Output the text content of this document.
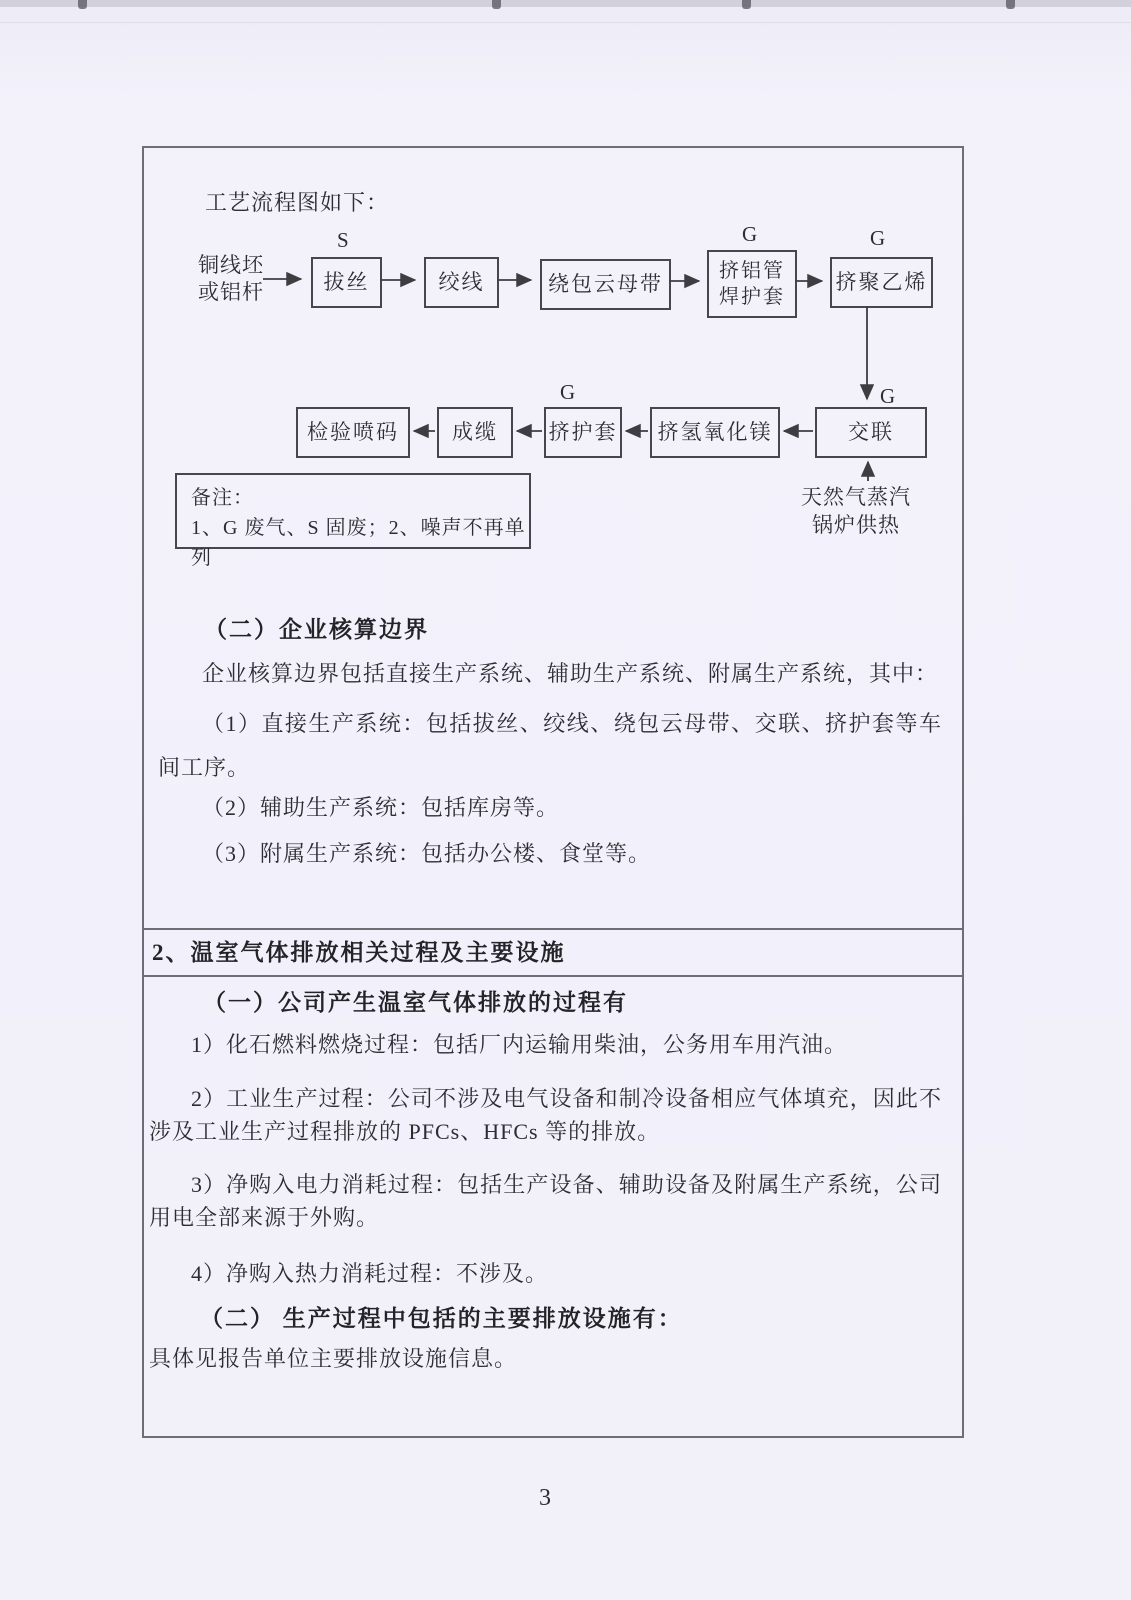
工艺流程图如下：
铜线坯
或铝杆	拔丝	绞线	绕包云母带
挤铝管
焊护套
挤聚乙烯
检验喷码	成缆 挤护套 挤氢氧化镁	交联
S	G	G
G	G
天然气蒸汽
锅炉供热
备注：
1、G 废气、S 固废；2、噪声不再单列
（二）企业核算边界
企业核算边界包括直接生产系统、辅助生产系统、附属生产系统，其中：
（1）直接生产系统：包括拔丝、绞线、绕包云母带、交联、挤护套等车间工序。
（2）辅助生产系统：包括库房等。
（3）附属生产系统：包括办公楼、食堂等。
2、温室气体排放相关过程及主要设施
（一）公司产生温室气体排放的过程有
1）化石燃料燃烧过程：包括厂内运输用柴油，公务用车用汽油。
2）工业生产过程：公司不涉及电气设备和制冷设备相应气体填充，因此不涉及工业生产过程排放的 PFCs、HFCs 等的排放。
3）净购入电力消耗过程：包括生产设备、辅助设备及附属生产系统，公司用电全部来源于外购。
4）净购入热力消耗过程：不涉及。
（二） 生产过程中包括的主要排放设施有：
具体见报告单位主要排放设施信息。
3
